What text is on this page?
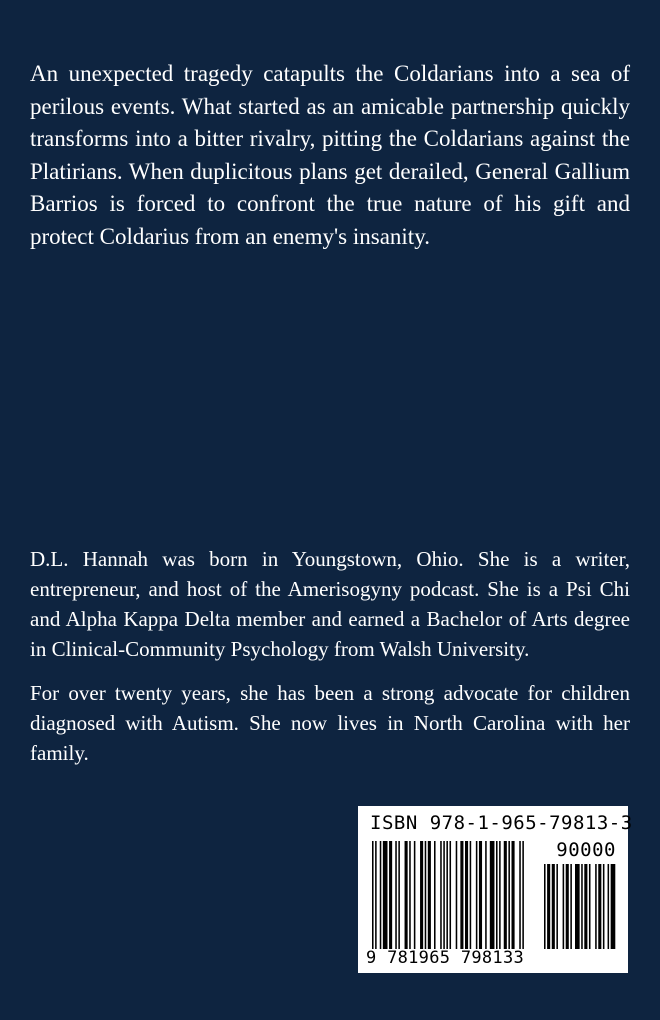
An unexpected tragedy catapults the Coldarians into a sea of perilous events. What started as an amicable partnership quickly transforms into a bitter rivalry, pitting the Coldarians against the Platirians. When duplicitous plans get derailed, General Gallium Barrios is forced to confront the true nature of his gift and protect Coldarius from an enemy's insanity.

D.L. Hannah was born in Youngstown, Ohio. She is a writer, entrepreneur, and host of the Amerisogyny podcast. She is a Psi Chi and Alpha Kappa Delta member and earned a Bachelor of Arts degree in Clinical-Community Psychology from Walsh University.

For over twenty years, she has been a strong advocate for children diagnosed with Autism. She now lives in North Carolina with her family.

ISBN 978-1-965-79813-3
90000
9 781965 798133
